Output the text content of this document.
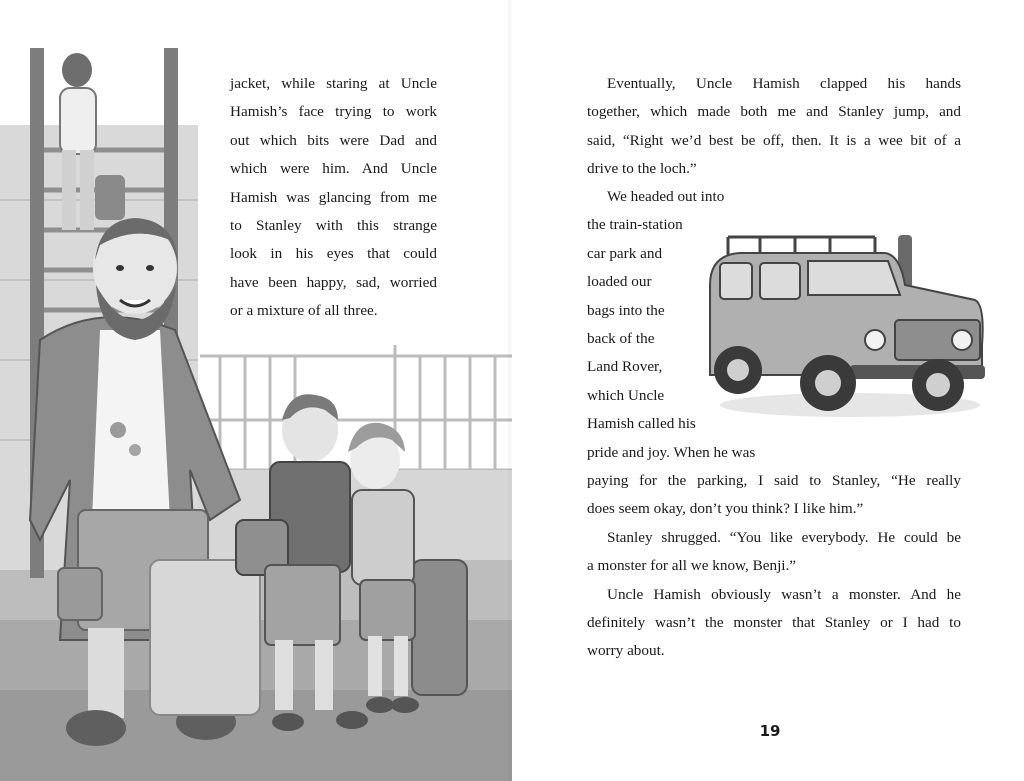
jacket, while staring at Uncle
Hamish’s face trying to work
out which bits were Dad and
which were him. And Uncle
Hamish was glancing from me
to Stanley with this strange
look in his eyes that could
have been happy, sad, worried
or a mixture of all three.
Eventually, Uncle Hamish clapped his hands
together, which made both me and Stanley jump, and
said, “Right we’d best be off, then. It is a wee bit of a
drive to the loch.”
We headed out into
the train-station
car park and
loaded our
bags into the
back of the
Land Rover,
which Uncle
Hamish called his
pride and joy. When he was
paying for the parking, I said to Stanley, “He really
does seem okay, don’t you think? I like him.”
Stanley shrugged. “You like everybody. He could be
a monster for all we know, Benji.”
Uncle Hamish obviously wasn’t a monster. And he
definitely wasn’t the monster that Stanley or I had to
worry about.
19
